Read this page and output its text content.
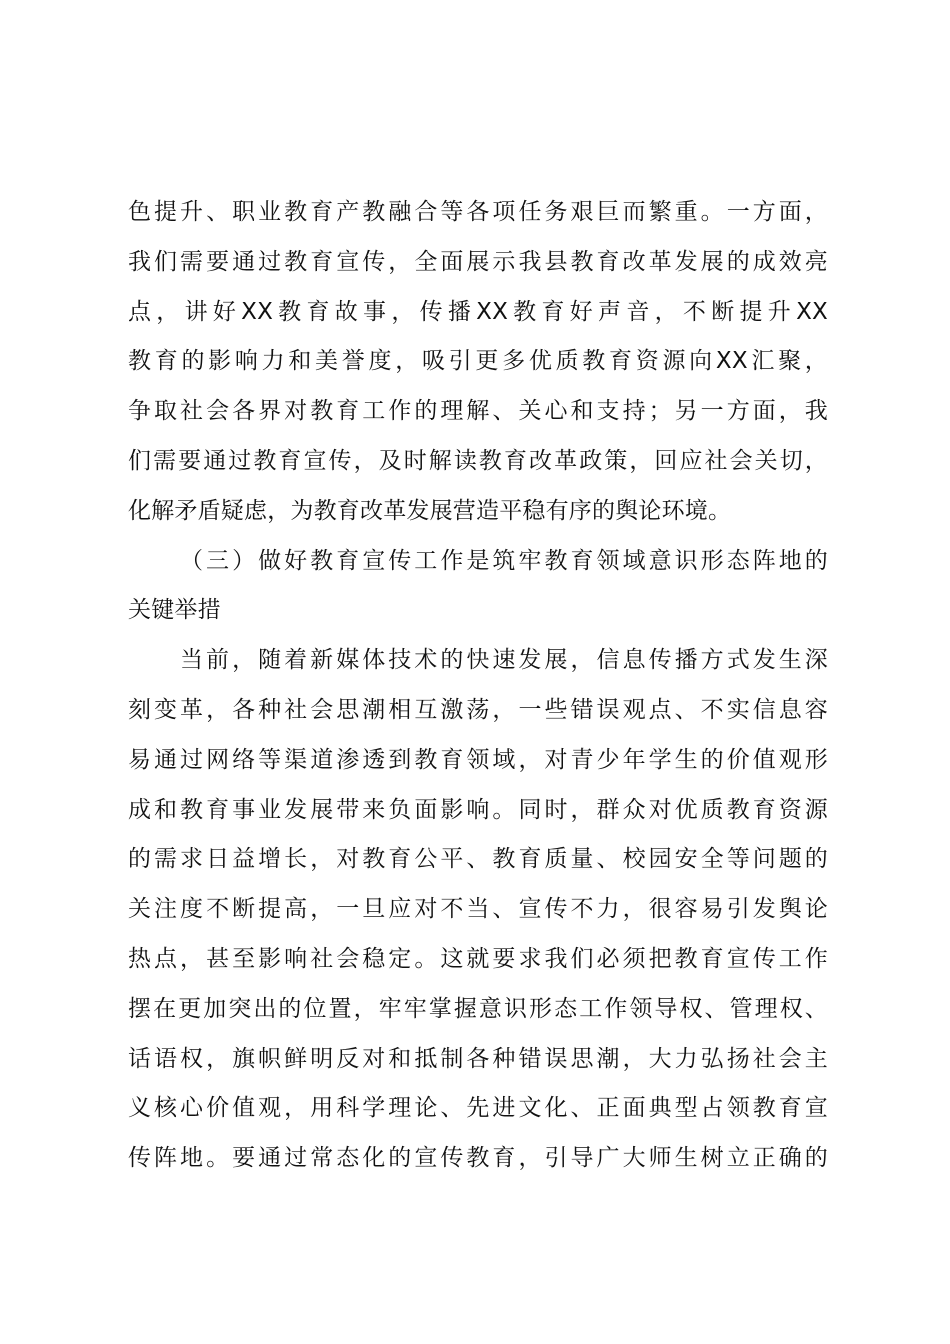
色提升、职业教育产教融合等各项任务艰巨而繁重。一方面，
我们需要通过教育宣传，全面展示我县教育改革发展的成效亮
点，讲好XX教育故事，传播XX教育好声音，不断提升XX
教育的影响力和美誉度，吸引更多优质教育资源向XX汇聚，
争取社会各界对教育工作的理解、关心和支持；另一方面，我
们需要通过教育宣传，及时解读教育改革政策，回应社会关切，
化解矛盾疑虑，为教育改革发展营造平稳有序的舆论环境。
（三）做好教育宣传工作是筑牢教育领域意识形态阵地的
关键举措
当前，随着新媒体技术的快速发展，信息传播方式发生深
刻变革，各种社会思潮相互激荡，一些错误观点、不实信息容
易通过网络等渠道渗透到教育领域，对青少年学生的价值观形
成和教育事业发展带来负面影响。同时，群众对优质教育资源
的需求日益增长，对教育公平、教育质量、校园安全等问题的
关注度不断提高，一旦应对不当、宣传不力，很容易引发舆论
热点，甚至影响社会稳定。这就要求我们必须把教育宣传工作
摆在更加突出的位置，牢牢掌握意识形态工作领导权、管理权、
话语权，旗帜鲜明反对和抵制各种错误思潮，大力弘扬社会主
义核心价值观，用科学理论、先进文化、正面典型占领教育宣
传阵地。要通过常态化的宣传教育，引导广大师生树立正确的
